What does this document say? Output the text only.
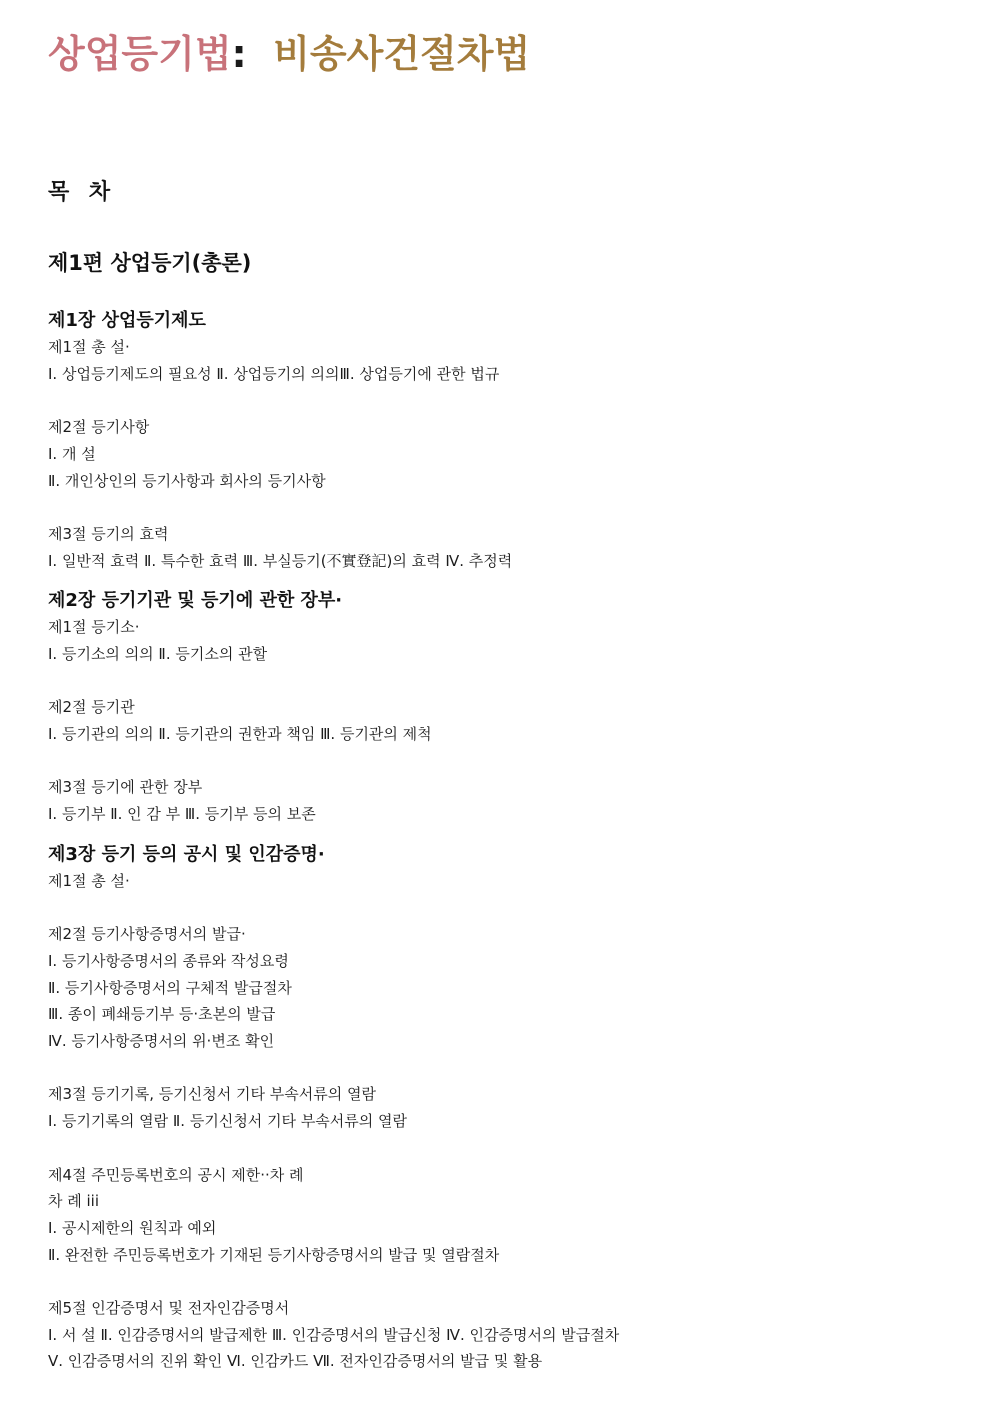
상업등기법: 비송사건절차법
목 차
제1편 상업등기(총론)
제1장 상업등기제도

제1절 총 설·

Ⅰ. 상업등기제도의 필요성 Ⅱ. 상업등기의 의의Ⅲ. 상업등기에 관한 법규

제2절 등기사항

Ⅰ. 개 설

Ⅱ. 개인상인의 등기사항과 회사의 등기사항

제3절 등기의 효력

Ⅰ. 일반적 효력 Ⅱ. 특수한 효력 Ⅲ. 부실등기(不實登記)의 효력 Ⅳ. 추정력

제2장 등기기관 및 등기에 관한 장부·

제1절 등기소·

Ⅰ. 등기소의 의의 Ⅱ. 등기소의 관할

제2절 등기관

Ⅰ. 등기관의 의의 Ⅱ. 등기관의 권한과 책임 Ⅲ. 등기관의 제척

제3절 등기에 관한 장부

Ⅰ. 등기부 Ⅱ. 인 감 부 Ⅲ. 등기부 등의 보존

제3장 등기 등의 공시 및 인감증명·

제1절 총 설·

제2절 등기사항증명서의 발급·

Ⅰ. 등기사항증명서의 종류와 작성요령

Ⅱ. 등기사항증명서의 구체적 발급절차

Ⅲ. 종이 폐쇄등기부 등·초본의 발급

Ⅳ. 등기사항증명서의 위·변조 확인

제3절 등기기록, 등기신청서 기타 부속서류의 열람

Ⅰ. 등기기록의 열람 Ⅱ. 등기신청서 기타 부속서류의 열람

제4절 주민등록번호의 공시 제한··차 례

차 례 iii

Ⅰ. 공시제한의 원칙과 예외

Ⅱ. 완전한 주민등록번호가 기재된 등기사항증명서의 발급 및 열람절차

제5절 인감증명서 및 전자인감증명서

Ⅰ. 서 설 Ⅱ. 인감증명서의 발급제한 Ⅲ. 인감증명서의 발급신청 Ⅳ. 인감증명서의 발급절차

Ⅴ. 인감증명서의 진위 확인 Ⅵ. 인감카드 Ⅶ. 전자인감증명서의 발급 및 활용
